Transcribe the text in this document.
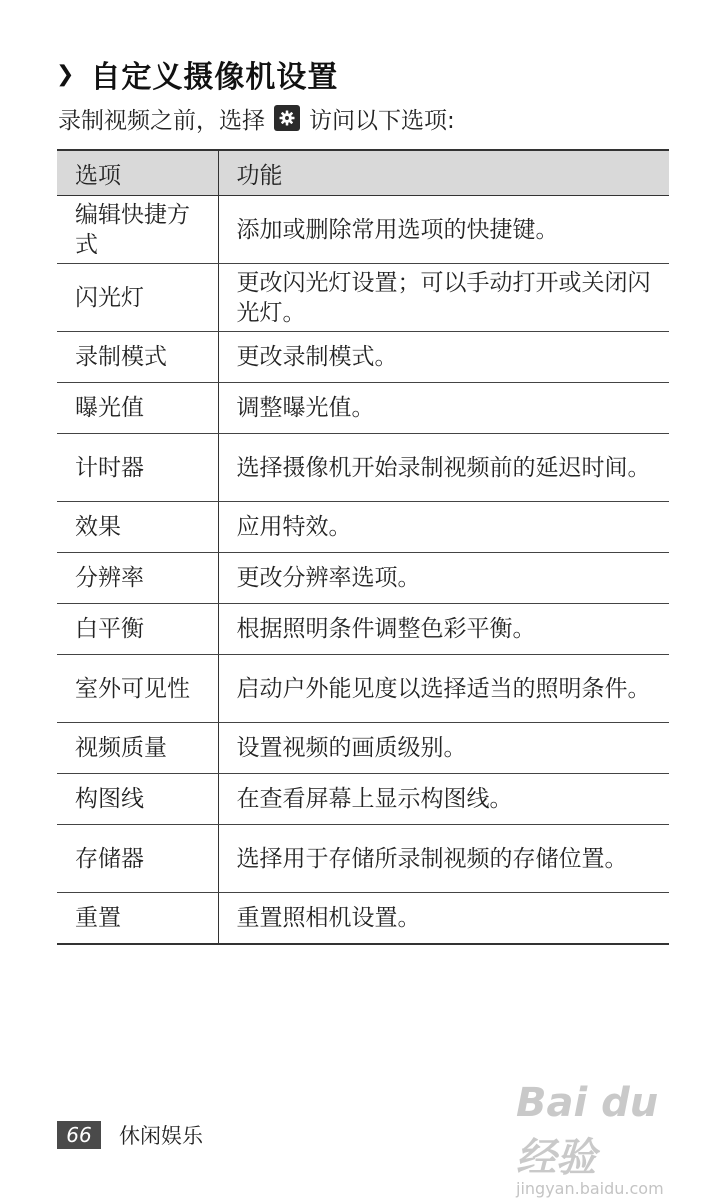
❯ 自定义摄像机设置
录制视频之前，选择 访问以下选项:
选项	功能
编辑快捷方式	添加或删除常用选项的快捷键。
闪光灯	更改闪光灯设置；可以手动打开或关闭闪光灯。
录制模式	更改录制模式。
曝光值	调整曝光值。
计时器	选择摄像机开始录制视频前的延迟时间。
效果	应用特效。
分辨率	更改分辨率选项。
白平衡	根据照明条件调整色彩平衡。
室外可见性	启动户外能见度以选择适当的照明条件。
视频质量	设置视频的画质级别。
构图线	在查看屏幕上显示构图线。
存储器	选择用于存储所录制视频的存储位置。
重置	重置照相机设置。
66	休闲娱乐
Bai du 经验
jingyan.baidu.com
